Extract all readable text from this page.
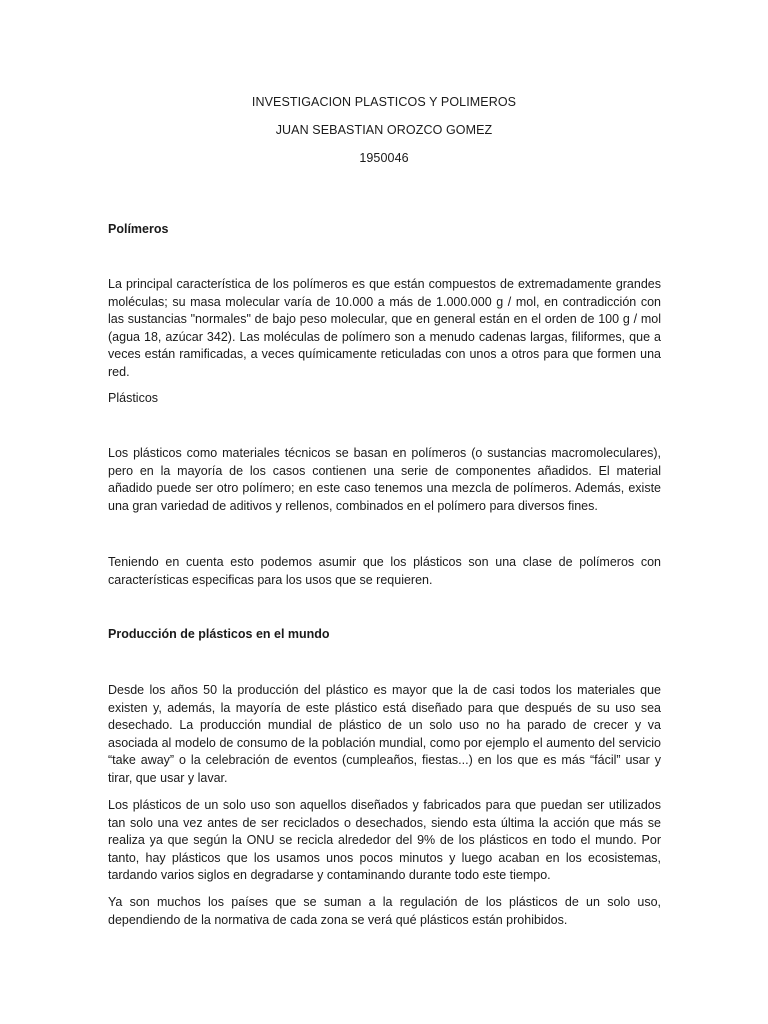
INVESTIGACION PLASTICOS Y POLIMEROS
JUAN SEBASTIAN OROZCO GOMEZ
1950046
Polímeros

La principal característica de los polímeros es que están compuestos de extremadamente grandes moléculas; su masa molecular varía de 10.000 a más de 1.000.000 g / mol, en contradicción con las sustancias "normales" de bajo peso molecular, que en general están en el orden de 100 g / mol (agua 18, azúcar 342). Las moléculas de polímero son a menudo cadenas largas, filiformes, que a veces están ramificadas, a veces químicamente reticuladas con unos a otros para que formen una red.

Plásticos

Los plásticos como materiales técnicos se basan en polímeros (o sustancias macromoleculares), pero en la mayoría de los casos contienen una serie de componentes añadidos. El material añadido puede ser otro polímero; en este caso tenemos una mezcla de polímeros. Además, existe una gran variedad de aditivos y rellenos, combinados en el polímero para diversos fines.

Teniendo en cuenta esto podemos asumir que los plásticos son una clase de polímeros con características especificas para los usos que se requieren.

Producción de plásticos en el mundo

Desde los años 50 la producción del plástico es mayor que la de casi todos los materiales que existen y, además, la mayoría de este plástico está diseñado para que después de su uso sea desechado. La producción mundial de plástico de un solo uso no ha parado de crecer y va asociada al modelo de consumo de la población mundial, como por ejemplo el aumento del servicio “take away” o la celebración de eventos (cumpleaños, fiestas...) en los que es más “fácil” usar y tirar, que usar y lavar.

Los plásticos de un solo uso son aquellos diseñados y fabricados para que puedan ser utilizados tan solo una vez antes de ser reciclados o desechados, siendo esta última la acción que más se realiza ya que según la ONU se recicla alrededor del 9% de los plásticos en todo el mundo. Por tanto, hay plásticos que los usamos unos pocos minutos y luego acaban en los ecosistemas, tardando varios siglos en degradarse y contaminando durante todo este tiempo.

Ya son muchos los países que se suman a la regulación de los plásticos de un solo uso, dependiendo de la normativa de cada zona se verá qué plásticos están prohibidos.
